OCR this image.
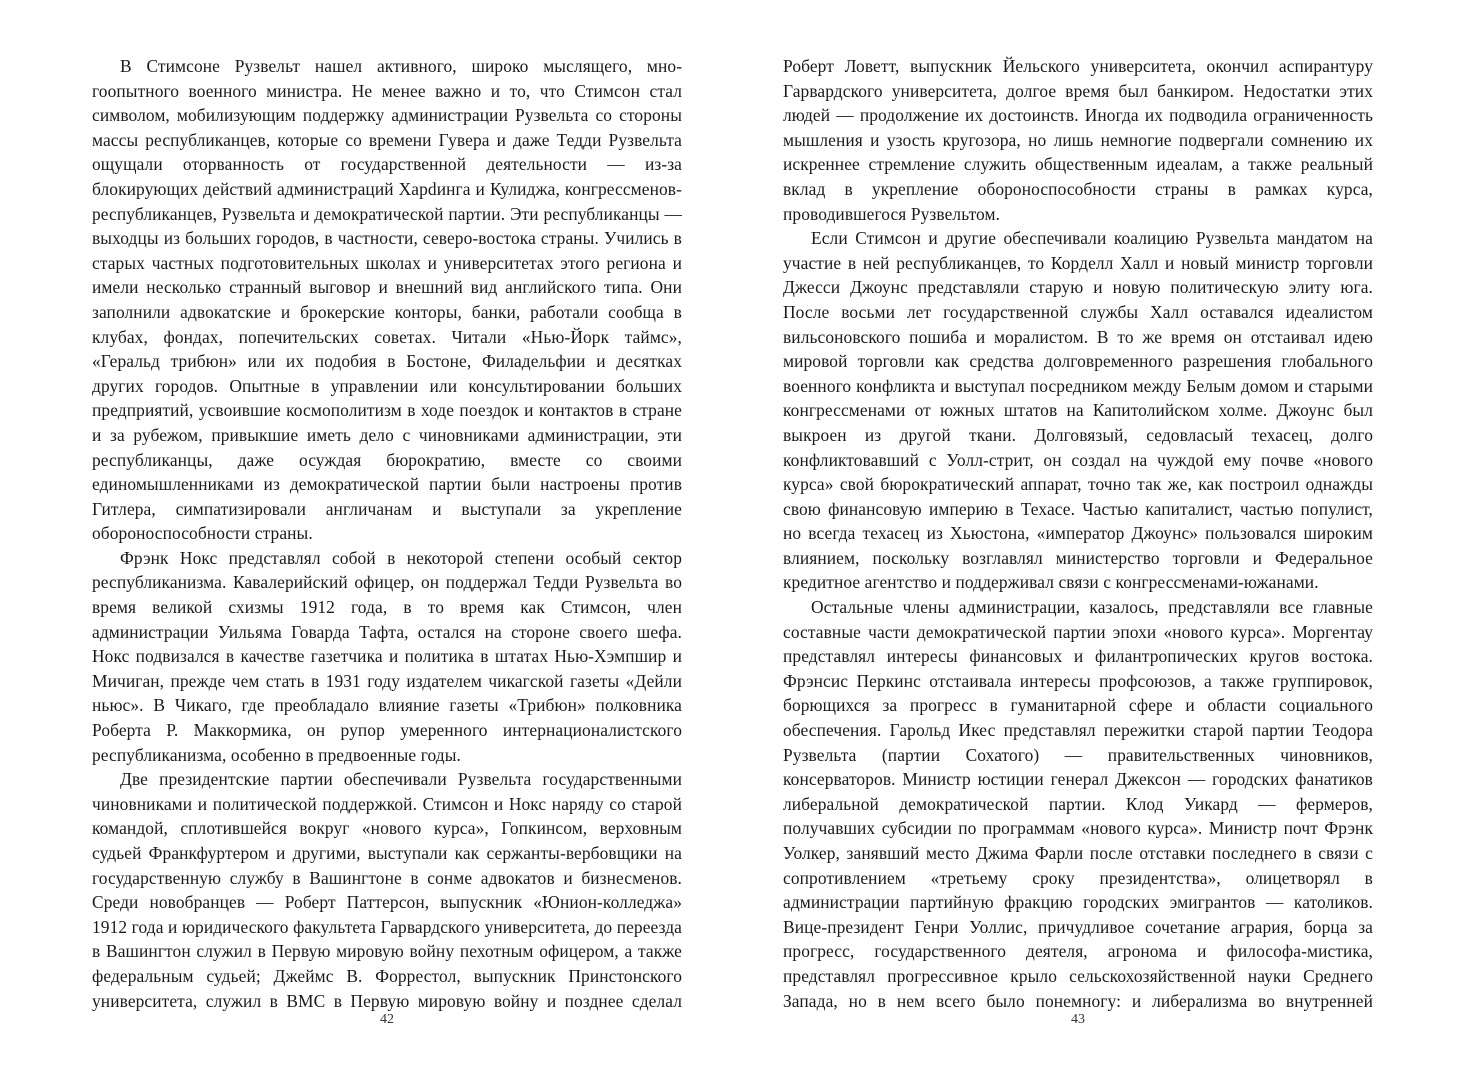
В Стимсоне Рузвельт нашел активного, широко мыслящего, многоопытного военного министра. Не менее важно и то, что Стимсон стал символом, мобилизующим поддержку администрации Рузвельта со стороны массы республиканцев, которые со времени Гувера и даже Тедди Рузвельта ощущали оторванность от государственной деятельности — из-за блокирующих действий администраций Харdинга и Кулиджа, конгрессменов-республиканцев, Рузвельта и демократической партии. Эти республиканцы — выходцы из больших городов, в частности, северо-востока страны. Учились в старых частных подготовительных школах и университетах этого региона и имели несколько странный выговор и внешний вид английского типа. Они заполнили адвокатские и брокерские конторы, банки, работали сообща в клубах, фондах, попечительских советах. Читали «Нью-Йорк таймс», «Геральд трибюн» или их подобия в Бостоне, Филадельфии и десятках других городов. Опытные в управлении или консультировании больших предприятий, усвоившие космополитизм в ходе поездок и контактов в стране и за рубежом, привыкшие иметь дело с чиновниками администрации, эти республиканцы, даже осуждая бюрократию, вместе со своими единомышленниками из демократической партии были настроены против Гитлера, симпатизировали англичанам и выступали за укрепление обороноспособности страны.

Фрэнк Нокс представлял собой в некоторой степени особый сектор республиканизма. Кавалерийский офицер, он поддержал Тедди Рузвельта во время великой схизмы 1912 года, в то время как Стимсон, член администрации Уильяма Говарда Тафта, остался на стороне своего шефа. Нокс подвизался в качестве газетчика и политика в штатах Нью-Хэмпшир и Мичиган, прежде чем стать в 1931 году издателем чикагской газеты «Дейли ньюс». В Чикаго, где преобладало влияние газеты «Трибюн» полковника Роберта Р. Маккормика, он рупор умеренного интернационалистского республиканизма, особенно в предвоенные годы.

Две президентские партии обеспечивали Рузвельта государственными чиновниками и политической поддержкой. Стимсон и Нокс наряду со старой командой, сплотившейся вокруг «нового курса», Гопкинсом, верховным судьей Франкфуртером и другими, выступали как сержанты-вербовщики на государственную службу в Вашингтоне в сонме адвокатов и бизнесменов. Среди новобранцев — Роберт Паттерсон, выпускник «Юнион-колледжа» 1912 года и юридического факультета Гарвардского университета, до переезда в Вашингтон служил в Первую мировую войну пехотным офицером, а также федеральным судьей; Джеймс В. Форрестол, выпускник Принстонского университета, служил в ВМС в Первую мировую войну и позднее сделал

42

Роберт Ловетт, выпускник Йельского университета, окончил аспирантуру Гарвардского университета, долгое время был банкиром. Недостатки этих людей — продолжение их достоинств. Иногда их подводила ограниченность мышления и узость кругозора, но лишь немногие подвергали сомнению их искреннее стремление служить общественным идеалам, а также реальный вклад в укрепление обороноспособности страны в рамках курса, проводившегося Рузвельтом.

Если Стимсон и другие обеспечивали коалицию Рузвельта мандатом на участие в ней республиканцев, то Корделл Халл и новый министр торговли Джесси Джоунс представляли старую и новую политическую элиту юга. После восьми лет государственной службы Халл оставался идеалистом вильсоновского пошиба и моралистом. В то же время он отстаивал идею мировой торговли как средства долговременного разрешения глобального военного конфликта и выступал посредником между Белым домом и старыми конгрессменами от южных штатов на Капитолийском холме. Джоунс был выкроен из другой ткани. Долговязый, седовласый техасец, долго конфликтовавший с Уолл-стрит, он создал на чуждой ему почве «нового курса» свой бюрократический аппарат, точно так же, как построил однажды свою финансовую империю в Техасе. Частью капиталист, частью популист, но всегда техасец из Хьюстона, «император Джоунс» пользовался широким влиянием, поскольку возглавлял министерство торговли и Федеральное кредитное агентство и поддерживал связи с конгрессменами-южанами.

Остальные члены администрации, казалось, представляли все главные составные части демократической партии эпохи «нового курса». Моргентау представлял интересы финансовых и филантропических кругов востока. Фрэнсис Перкинс отстаивала интересы профсоюзов, а также группировок, борющихся за прогресс в гуманитарной сфере и области социального обеспечения. Гарольд Икес представлял пережитки старой партии Теодора Рузвельта (партии Сохатого) — правительственных чиновников, консерваторов. Министр юстиции генерал Джексон — городских фанатиков либеральной демократической партии. Клод Уикард — фермеров, получавших субсидии по программам «нового курса». Министр почт Фрэнк Уолкер, занявший место Джима Фарли после отставки последнего в связи с сопротивлением «третьему сроку президентства», олицетворял в администрации партийную фракцию городских эмигрантов — католиков. Вице-президент Генри Уоллис, причудливое сочетание агрария, борца за прогресс, государственного деятеля, агронома и философа-мистика, представлял прогрессивное крыло сельскохозяйственной науки Среднего Запада, но в нем всего было понемногу: и либерализма во внутренней

43
